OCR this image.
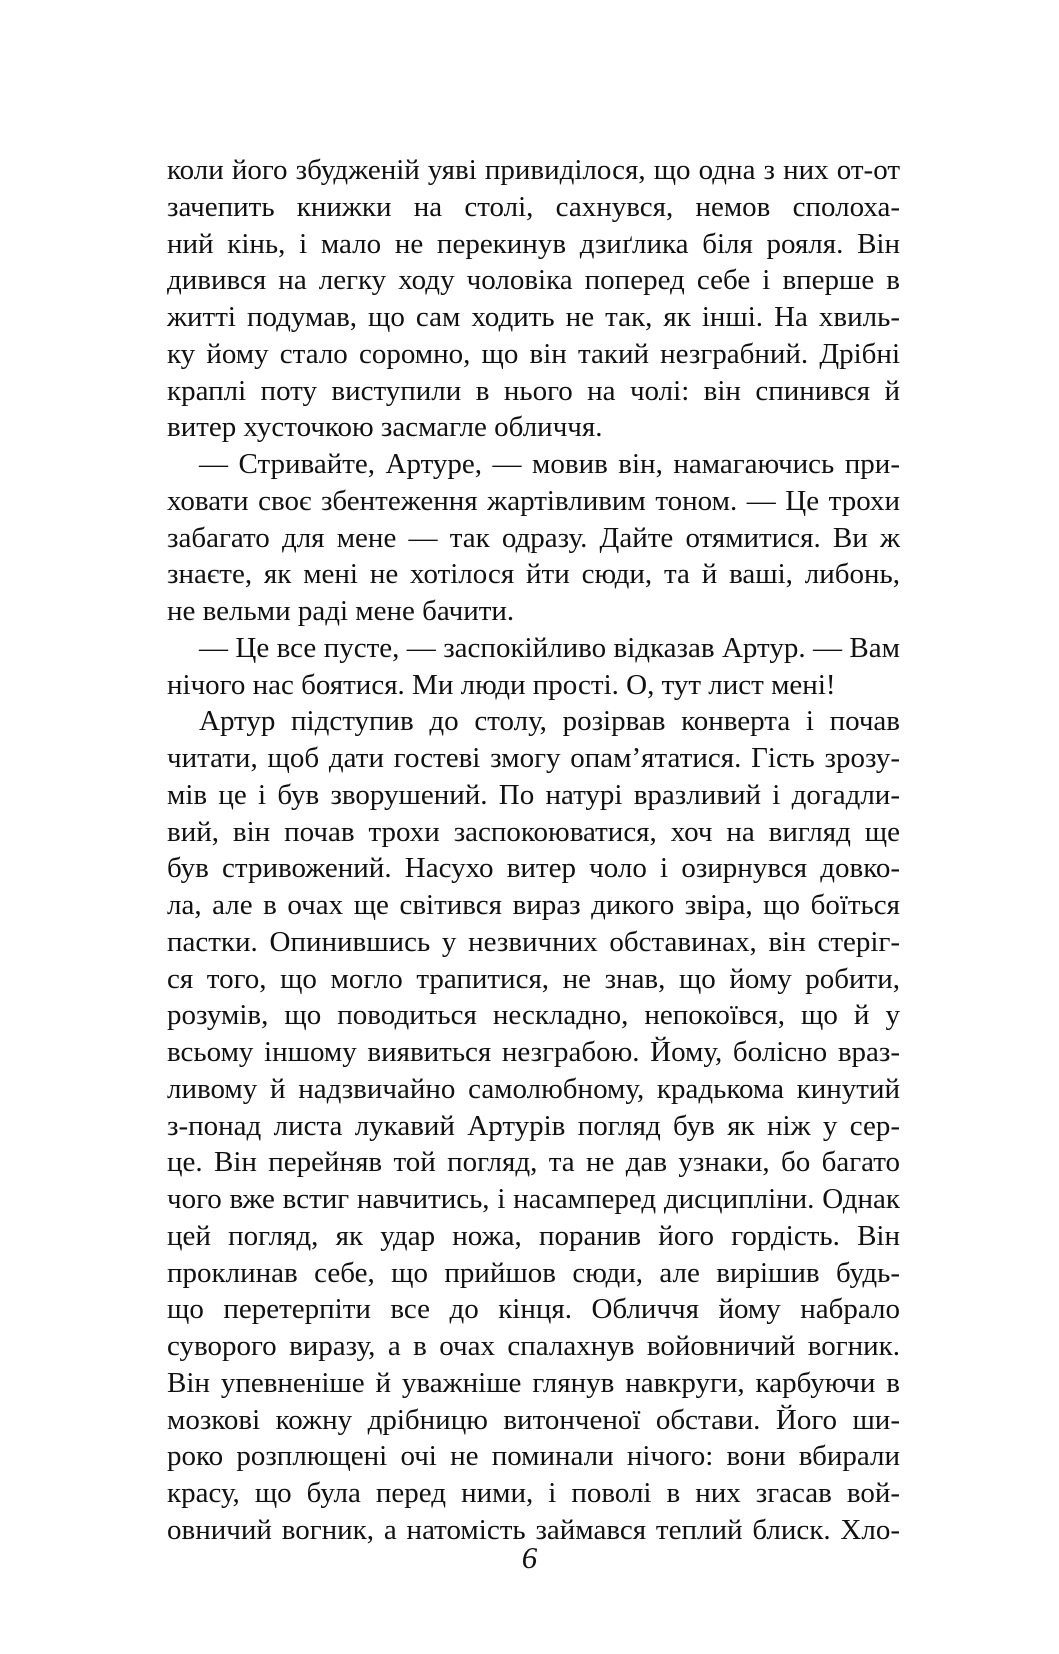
коли його збудженій уяві привиділося, що одна з них от-от
зачепить книжки на столі, сахнувся, немов сполоха-
ний кінь, і мало не перекинув дзиґлика біля рояля. Він
дивився на легку ходу чоловіка поперед себе і вперше в
житті подумав, що сам ходить не так, як інші. На хвиль-
ку йому стало соромно, що він такий незграбний. Дрібні
краплі поту виступили в нього на чолі: він спинився й
витер хусточкою засмагле обличчя.
— Стривайте, Артуре, — мовив він, намагаючись при-
ховати своє збентеження жартівливим тоном. — Це трохи
забагато для мене — так одразу. Дайте отямитися. Ви ж
знаєте, як мені не хотілося йти сюди, та й ваші, либонь,
не вельми раді мене бачити.
— Це все пусте, — заспокійливо відказав Артур. — Вам
нічого нас боятися. Ми люди прості. О, тут лист мені!
Артур підступив до столу, розірвав конверта і почав
читати, щоб дати гостеві змогу опам’ятатися. Гість зрозу-
мів це і був зворушений. По натурі вразливий і догадли-
вий, він почав трохи заспокоюватися, хоч на вигляд ще
був стривожений. Насухо витер чоло і озирнувся довко-
ла, але в очах ще світився вираз дикого звіра, що боїться
пастки. Опинившись у незвичних обставинах, він стеріг-
ся того, що могло трапитися, не знав, що йому робити,
розумів, що поводиться нескладно, непокоївся, що й у
всьому іншому виявиться незграбою. Йому, болісно враз-
ливому й надзвичайно самолюбному, крадькома кинутий
з-понад листа лукавий Артурів погляд був як ніж у сер-
це. Він перейняв той погляд, та не дав узнаки, бо багато
чого вже встиг навчитись, і насамперед дисципліни. Однак
цей погляд, як удар ножа, поранив його гордість. Він
проклинав себе, що прийшов сюди, але вирішив будь-
що перетерпіти все до кінця. Обличчя йому набрало
суворого виразу, а в очах спалахнув войовничий вогник.
Він упевненіше й уважніше глянув навкруги, карбуючи в
мозкові кожну дрібницю витонченої обстави. Його ши-
роко розплющені очі не поминали нічого: вони вбирали
красу, що була перед ними, і поволі в них згасав вой-
овничий вогник, а натомість займався теплий блиск. Хло-
6
